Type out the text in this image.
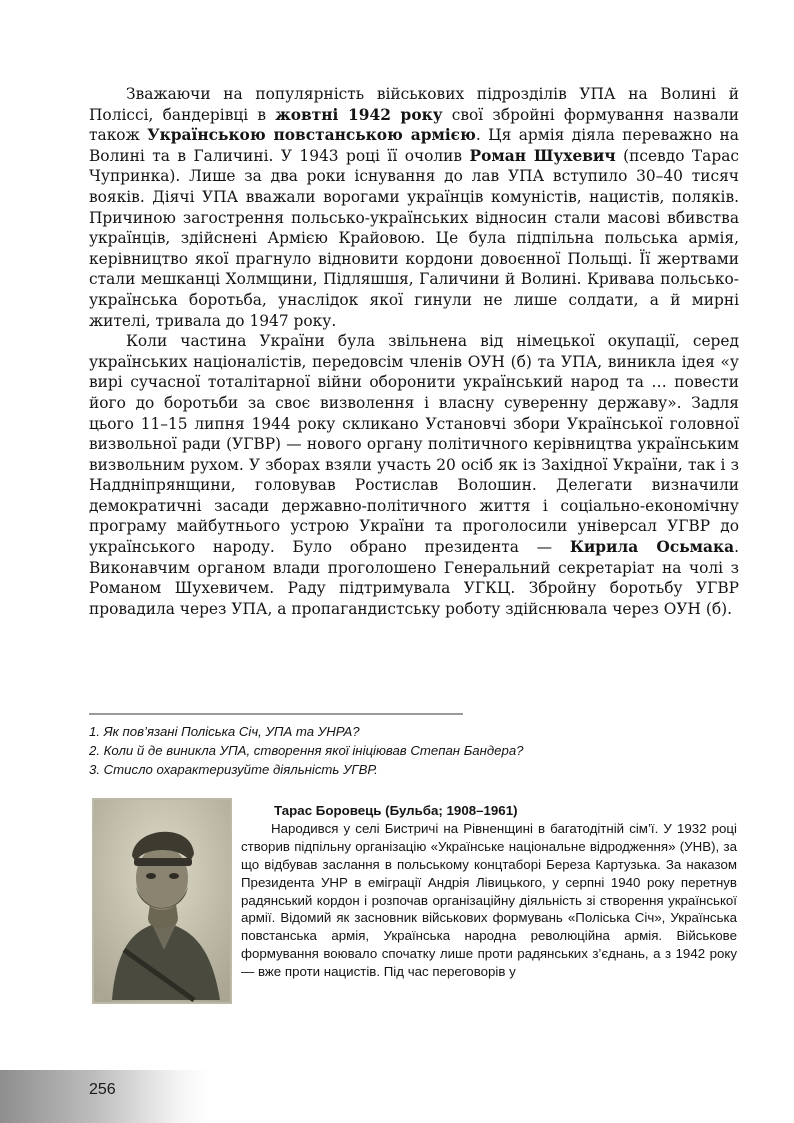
Зважаючи на популярність військових підрозділів УПА на Волині й Поліссі, бандерівці в жовтні 1942 року свої збройні формування назвали також Українською повстанською армією. Ця армія діяла переважно на Волині та в Галичині. У 1943 році її очолив Роман Шухевич (псевдо Тарас Чупринка). Лише за два роки існування до лав УПА вступило 30–40 тисяч вояків. Діячі УПА вважали ворогами українців комуністів, нацистів, поляків. Причиною загострення польсько-українських відносин стали масові вбивства українців, здійснені Армією Крайовою. Це була підпільна польська армія, керівництво якої прагнуло відновити кордони довоєнної Польщі. Її жертвами стали мешканці Холмщини, Підляшшя, Галичини й Волині. Кривава польсько-українська боротьба, унаслідок якої гинули не лише солдати, а й мирні жителі, тривала до 1947 року.

Коли частина України була звільнена від німецької окупації, серед українських націоналістів, передовсім членів ОУН (б) та УПА, виникла ідея «у вирі сучасної тоталітарної війни оборонити український народ та … повести його до боротьби за своє визволення і власну суверенну державу». Задля цього 11–15 липня 1944 року скликано Установчі збори Української головної визвольної ради (УГВР) — нового органу політичного керівництва українським визвольним рухом. У зборах взяли участь 20 осіб як із Західної України, так і з Наддніпрянщини, головував Ростислав Волошин. Делегати визначили демократичні засади державно-політичного життя і соціально-економічну програму майбутнього устрою України та проголосили універсал УГВР до українського народу. Було обрано президента — Кирила Осьмака. Виконавчим органом влади проголошено Генеральний секретаріат на чолі з Романом Шухевичем. Раду підтримувала УГКЦ. Збройну боротьбу УГВР провадила через УПА, а пропагандистську роботу здійснювала через ОУН (б).

1. Як пов’язані Поліська Січ, УПА та УНРА?
2. Коли й де виникла УПА, створення якої ініціював Степан Бандера?
3. Стисло охарактеризуйте діяльність УГВР.
Тарас Боровець (Бульба; 1908–1961)

Народився у селі Бистричі на Рівненщині в багатодітній сім’ї. У 1932 році створив підпільну організацію «Українське національне відродження» (УНВ), за що відбував заслання в польському концтаборі Береза Картузька. За наказом Президента УНР в еміграції Андрія Лівицького, у серпні 1940 року перетнув радянський кордон і розпочав організаційну діяльність зі створення української армії. Відомий як засновник військових формувань «Поліська Січ», Українська повстанська армія, Українська народна революційна армія. Військове формування воювало спочатку лише проти радянських з’єднань, а з 1942 року — вже проти нацистів. Під час переговорів у

256
